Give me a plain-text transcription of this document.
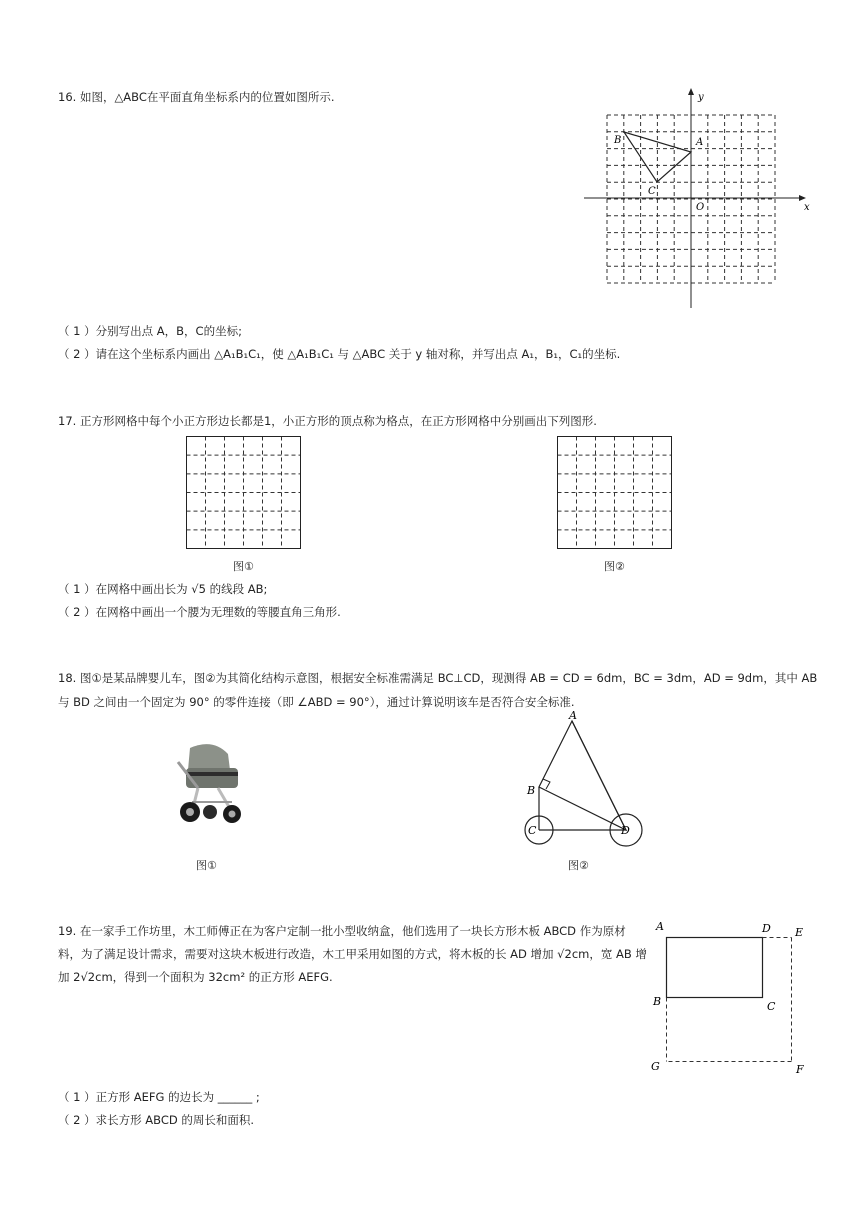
16. 如图，△ABC在平面直角坐标系内的位置如图所示.
x
y
O
A
B
C
（ 1 ）分别写出点 A，B，C的坐标;
（ 2 ）请在这个坐标系内画出 △A₁B₁C₁，使 △A₁B₁C₁ 与 △ABC 关于 y 轴对称，并写出点 A₁，B₁，C₁的坐标.
17. 正方形网格中每个小正方形边长都是1，小正方形的顶点称为格点，在正方形网格中分别画出下列图形.
图①	图②
（ 1 ）在网格中画出长为 √5 的线段 AB;
（ 2 ）在网格中画出一个腰为无理数的等腰直角三角形.
18. 图①是某品牌婴儿车，图②为其简化结构示意图，根据安全标准需满足 BC⊥CD，现测得 AB = CD = 6dm，BC = 3dm，AD = 9dm，其中 AB
与 BD 之间由一个固定为 90° 的零件连接（即 ∠ABD = 90°），通过计算说明该车是否符合安全标准.
图①
A
B
C	D
图②
19. 在一家手工作坊里，木工师傅正在为客户定制一批小型收纳盒，他们选用了一块长方形木板 ABCD 作为原材
料，为了满足设计需求，需要对这块木板进行改造，木工甲采用如图的方式，将木板的长 AD 增加 √2cm，宽 AB 增
加 2√2cm，得到一个面积为 32cm² 的正方形 AEFG.
A	D E
B	C
G	F
（ 1 ）正方形 AEFG 的边长为 ______ ;
（ 2 ）求长方形 ABCD 的周长和面积.
